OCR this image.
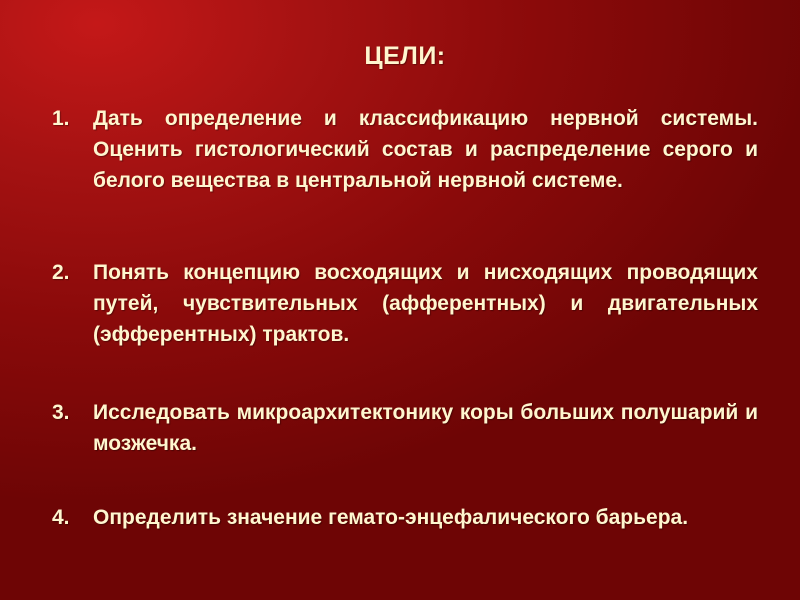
ЦЕЛИ:
1.	Дать определение и классификацию нервной системы. Оценить гистологический состав и распределение серого и белого вещества в центральной нервной системе.
2.	Понять концепцию восходящих и нисходящих проводящих путей, чувствительных (афферентных) и двигательных (эфферентных) трактов.
3.	Исследовать микроархитектонику коры больших полушарий и мозжечка.
4.	Определить значение гемато-энцефалического барьера.
